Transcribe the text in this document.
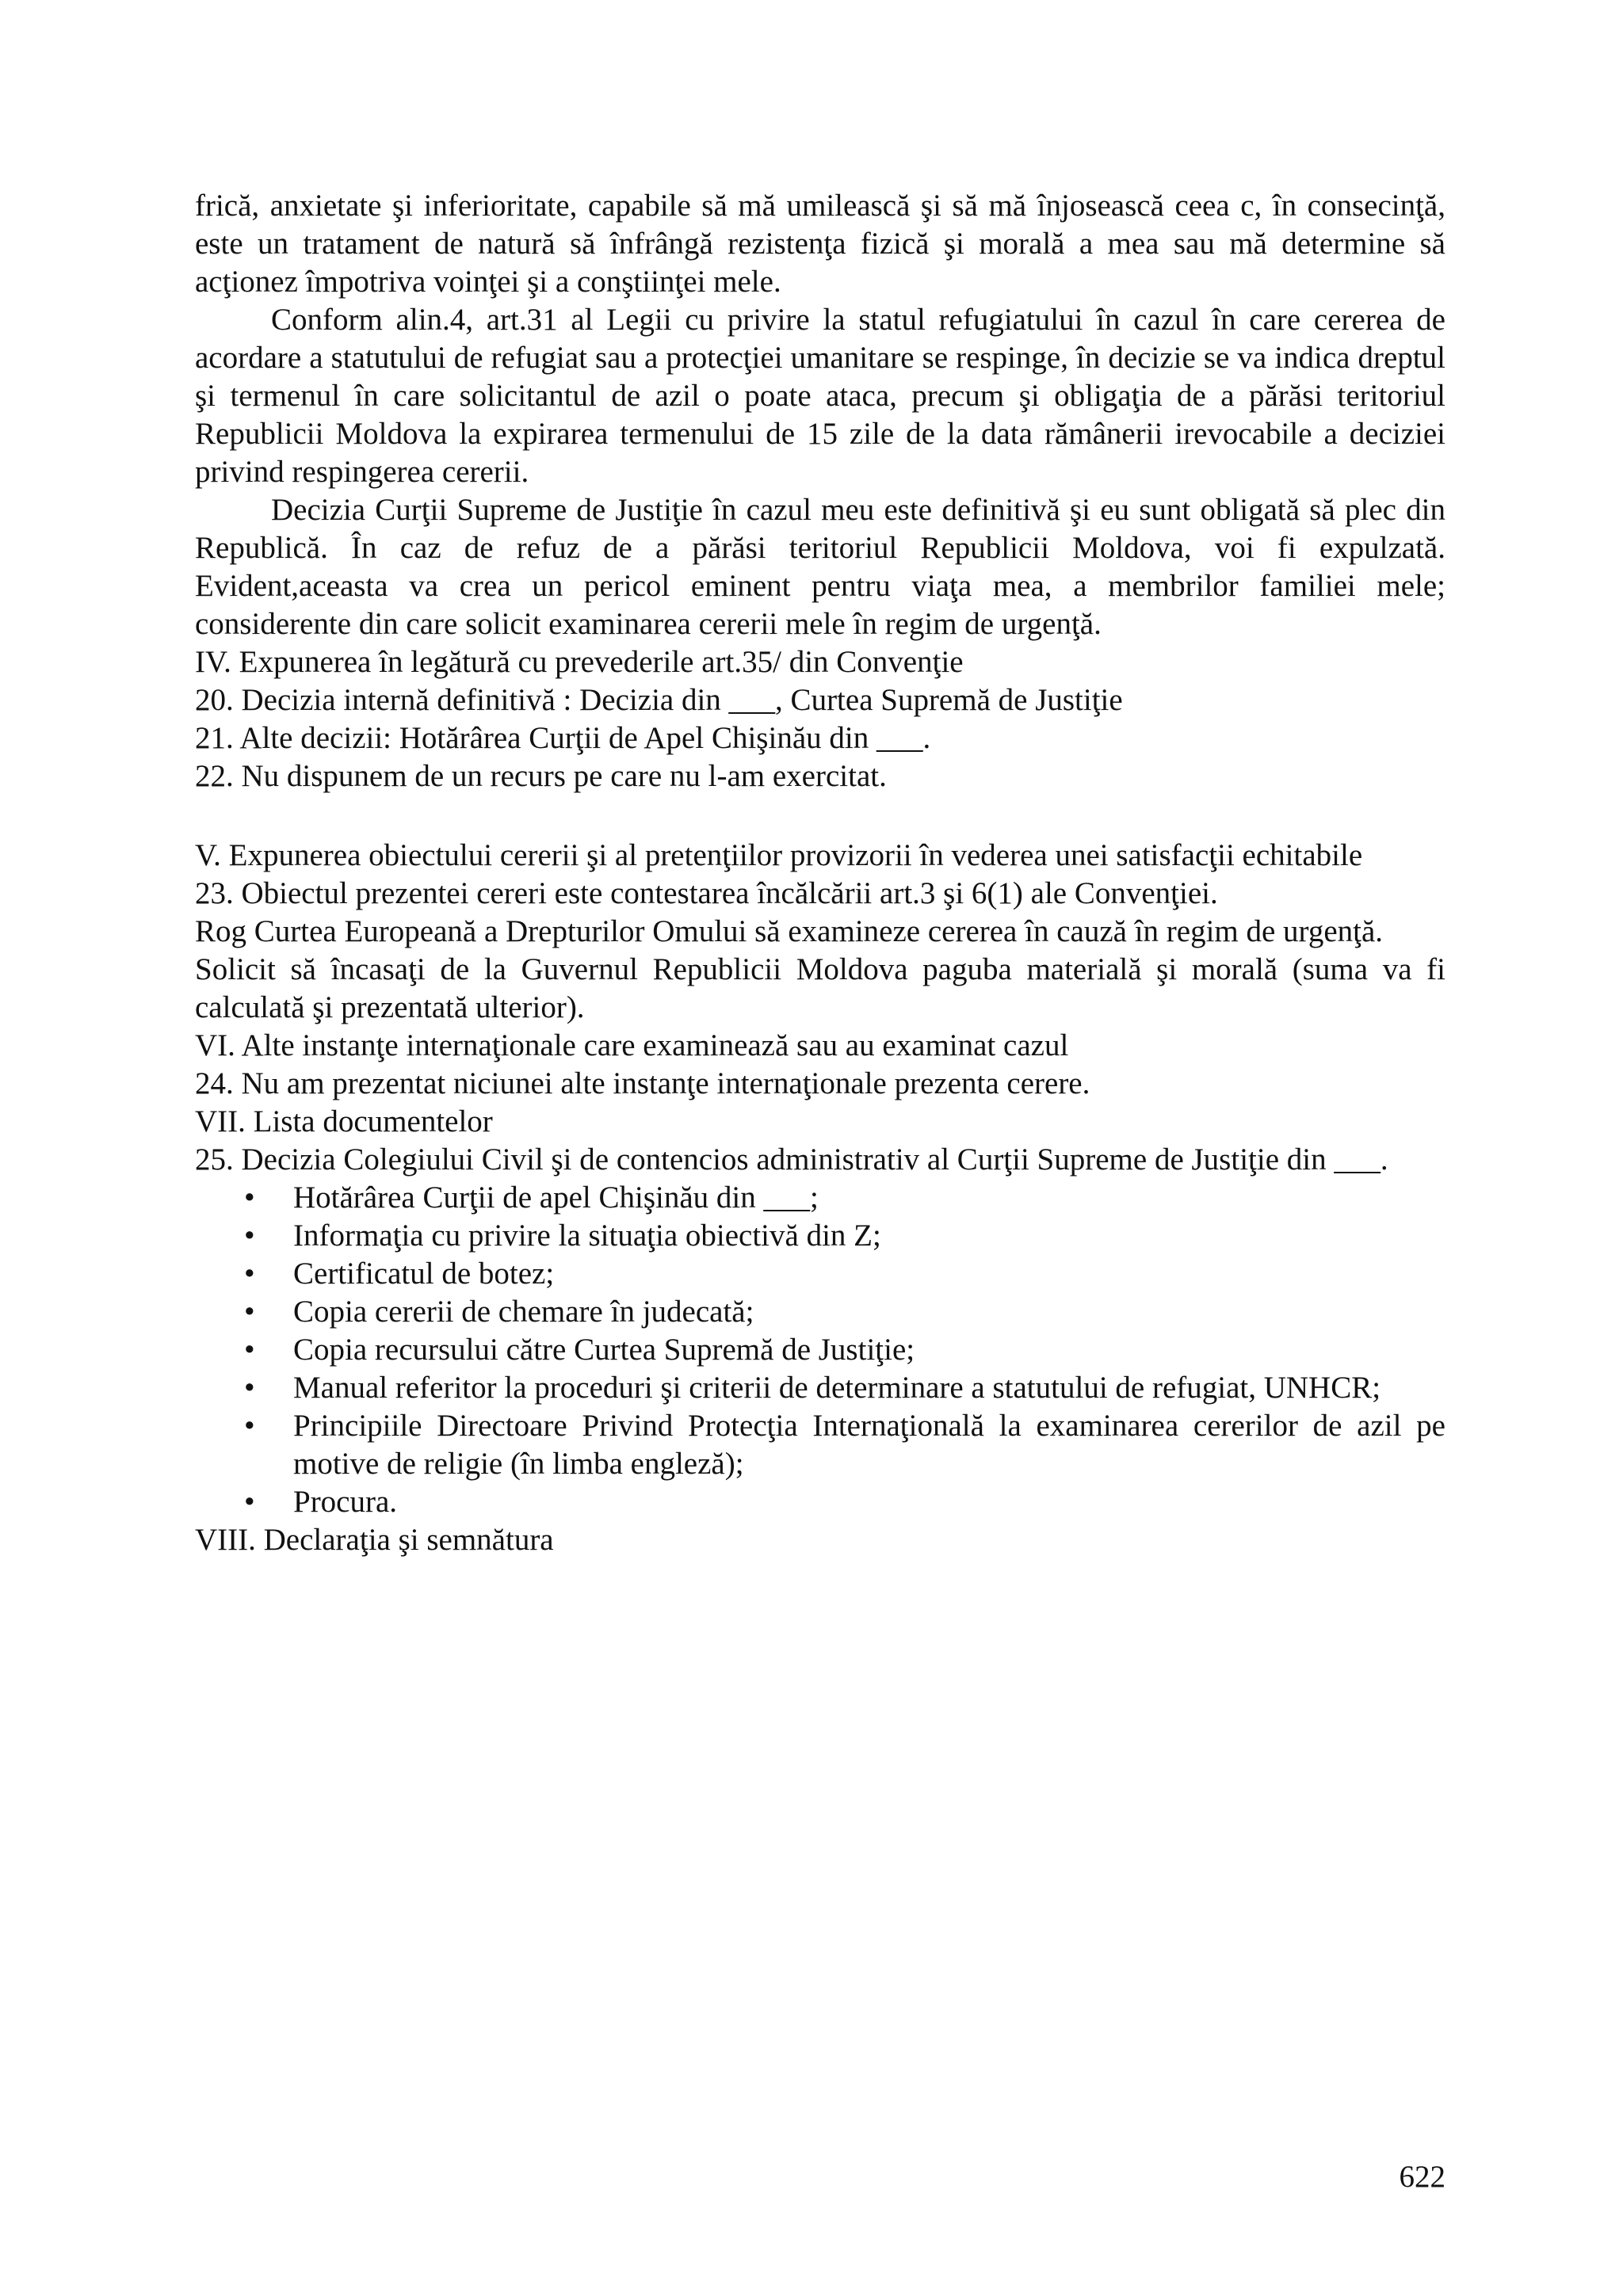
frică, anxietate şi inferioritate, capabile să mă umilească şi să mă înjosească ceea c, în consecinţă, este un tratament de natură să înfrângă rezistenţa fizică şi morală a mea sau mă determine să acţionez împotriva voinţei şi a conştiinţei mele.

Conform alin.4, art.31 al Legii cu privire la statul refugiatului în cazul în care cererea de acordare a statutului de refugiat sau a protecţiei umanitare se respinge, în decizie se va indica dreptul şi termenul în care solicitantul de azil o poate ataca, precum şi obligaţia de a părăsi teritoriul Republicii Moldova la expirarea termenului de 15 zile de la data rămânerii irevocabile a deciziei privind respingerea cererii.

Decizia Curţii Supreme de Justiţie în cazul meu este definitivă şi eu sunt obligată să plec din Republică. În caz de refuz de a părăsi teritoriul Republicii Moldova, voi fi expulzată. Evident,aceasta va crea un pericol eminent pentru viaţa mea, a membrilor familiei mele; considerente din care solicit examinarea cererii mele în regim de urgenţă.

IV. Expunerea în legătură cu prevederile art.35/ din Convenţie

20. Decizia internă definitivă : Decizia din ___, Curtea Supremă de Justiţie

21. Alte decizii: Hotărârea Curţii de Apel Chişinău din ___.

22. Nu dispunem de un recurs pe care nu l-am exercitat.

V. Expunerea obiectului cererii şi al pretenţiilor provizorii în vederea unei satisfacţii echitabile

23. Obiectul prezentei cereri este contestarea încălcării art.3 şi 6(1) ale Convenţiei.

Rog Curtea Europeană a Drepturilor Omului să examineze cererea în cauză în regim de urgenţă.

Solicit să încasaţi de la Guvernul Republicii Moldova paguba materială şi morală (suma va fi calculată şi prezentată ulterior).

VI. Alte instanţe internaţionale care examinează sau au examinat cazul

24. Nu am prezentat niciunei alte instanţe internaţionale prezenta cerere.

VII. Lista documentelor

25. Decizia Colegiului Civil şi de contencios administrativ al Curţii Supreme de Justiţie din ___.

• Hotărârea Curţii de apel Chişinău din ___;
• Informaţia cu privire la situaţia obiectivă din Z;
• Certificatul de botez;
• Copia cererii de chemare în judecată;
• Copia recursului către Curtea Supremă de Justiţie;
• Manual referitor la proceduri şi criterii de determinare a statutului de refugiat, UNHCR;
• Principiile Directoare Privind Protecţia Internaţională la examinarea cererilor de azil pe motive de religie (în limba engleză);
• Procura.

VIII. Declaraţia şi semnătura

622
